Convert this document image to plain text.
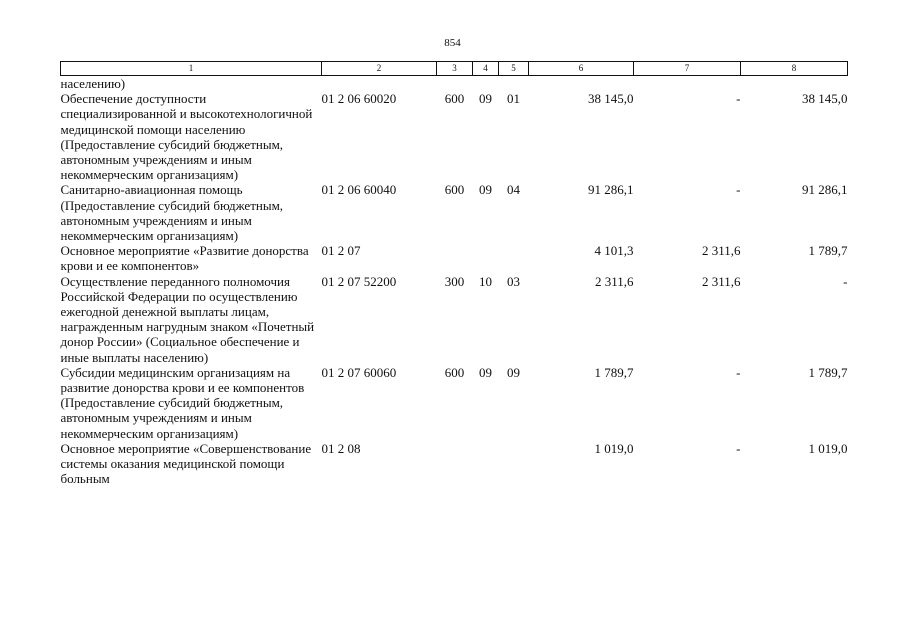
854
1	2	3	4	5	6	7	8
населению)							
Обеспечение доступности специализированной и высокотехнологичной медицинской помощи населению (Предоставление субсидий бюджетным, автономным учреждениям и иным некоммерческим организациям)	01 2 06 60020	600	09	01	38 145,0	-	38 145,0
Санитарно-авиационная помощь (Предоставление субсидий бюджетным, автономным учреждениям и иным некоммерческим организациям)	01 2 06 60040	600	09	04	91 286,1	-	91 286,1
Основное мероприятие «Развитие донорства крови и ее компонентов»	01 2 07				4 101,3	2 311,6	1 789,7
Осуществление переданного полномочия Российской Федерации по осуществлению ежегодной денежной выплаты лицам, награжденным нагрудным знаком «Почетный донор России» (Социальное обеспечение и иные выплаты населению)	01 2 07 52200	300	10	03	2 311,6	2 311,6	-
Субсидии медицинским организациям на развитие донорства крови и ее компонентов (Предоставление субсидий бюджетным, автономным учреждениям и иным некоммерческим организациям)	01 2 07 60060	600	09	09	1 789,7	-	1 789,7
Основное мероприятие «Совершенствование системы оказания медицинской помощи больным	01 2 08				1 019,0	-	1 019,0
